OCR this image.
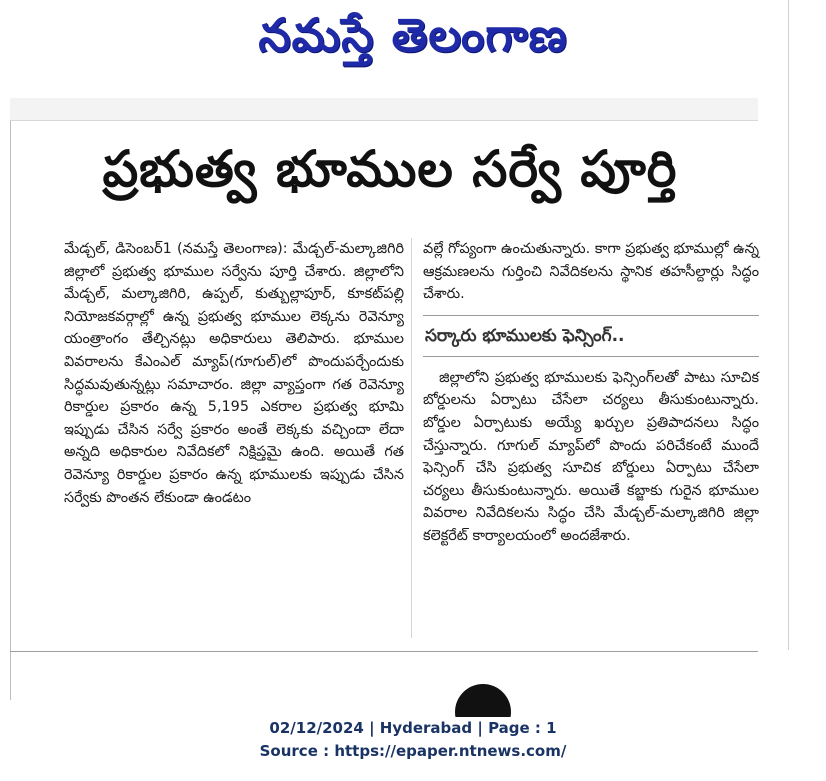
నమస్తే తెలంగాణ
ప్రభుత్వ భూముల సర్వే పూర్తి

మేడ్చల్, డిసెంబర్1 (నమస్తే తెలంగాణ): మేడ్చల్-మల్కాజిగిరి జిల్లాలో ప్రభుత్వ భూముల సర్వేను పూర్తి చేశారు. జిల్లాలోని మేడ్చల్, మల్కాజిగిరి, ఉప్పల్, కుత్బుల్లాపూర్, కూకట్‌పల్లి నియోజకవర్గాల్లో ఉన్న ప్రభుత్వ భూముల లెక్కను రెవెన్యూ యంత్రాంగం తేల్చినట్లు అధికారులు తెలిపారు. భూముల వివరాలను కేఎంఎల్ మ్యాప్(గూగుల్)లో పొందుపర్చేందుకు సిద్ధమవుతున్నట్లు సమాచారం. జిల్లా వ్యాప్తంగా గత రెవెన్యూ రికార్డుల ప్రకారం ఉన్న 5,195 ఎకరాల ప్రభుత్వ భూమి ఇప్పుడు చేసిన సర్వే ప్రకారం అంతే లెక్కకు వచ్చిందా లేదా అన్నది అధికారుల నివేదికలో నిక్షిప్తమై ఉంది. అయితే గత రెవెన్యూ రికార్డుల ప్రకారం ఉన్న భూములకు ఇప్పుడు చేసిన సర్వేకు పొంతన లేకుండా ఉండటం

వల్లే గోప్యంగా ఉంచుతున్నారు. కాగా ప్రభుత్వ భూముల్లో ఉన్న ఆక్రమణలను గుర్తించి నివేదికలను స్థానిక తహసీల్దార్లు సిద్ధం చేశారు.

సర్కారు భూములకు ఫెన్సింగ్..

జిల్లాలోని ప్రభుత్వ భూములకు ఫెన్సింగ్‌లతో పాటు సూచిక బోర్డులను ఏర్పాటు చేసేలా చర్యలు తీసుకుంటున్నారు. బోర్డుల ఏర్పాటుకు అయ్యే ఖర్చుల ప్రతిపాదనలు సిద్ధం చేస్తున్నారు. గూగుల్ మ్యాప్‌లో పొందు పరిచేకంటే ముందే ఫెన్సింగ్ చేసి ప్రభుత్వ సూచిక బోర్డులు ఏర్పాటు చేసేలా చర్యలు తీసుకుంటున్నారు. అయితే కబ్జాకు గురైన భూముల వివరాల నివేదికలను సిద్ధం చేసి మేడ్చల్-మల్కాజిగిరి జిల్లా కలెక్టరేట్ కార్యాలయంలో అందజేశారు.

02/12/2024 | Hyderabad | Page : 1
Source : https://epaper.ntnews.com/
